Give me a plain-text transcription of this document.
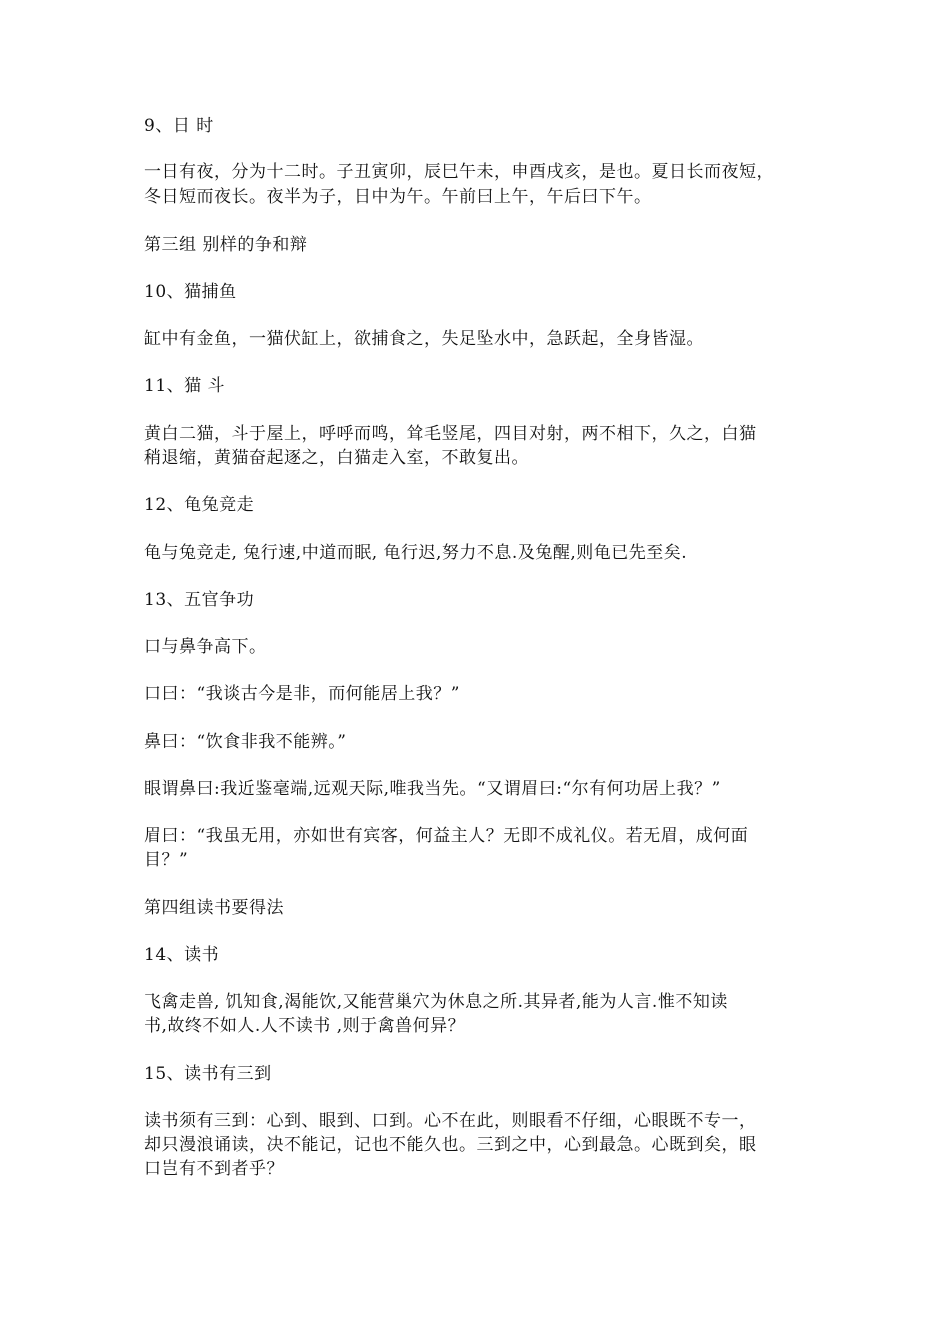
9、日 时

一日有夜，分为十二时。子丑寅卯，辰巳午未，申酉戌亥，是也。夏日长而夜短，

冬日短而夜长。夜半为子，日中为午。午前曰上午，午后曰下午。

第三组 别样的争和辩

10、猫捕鱼

缸中有金鱼，一猫伏缸上，欲捕食之，失足坠水中，急跃起，全身皆湿。

11、猫 斗

黄白二猫，斗于屋上，呼呼而鸣，耸毛竖尾，四目对射，两不相下，久之，白猫

稍退缩，黄猫奋起逐之，白猫走入室，不敢复出。

12、龟兔竞走

龟与兔竞走, 兔行速,中道而眠, 龟行迟,努力不息.及兔醒,则龟已先至矣.

13、五官争功

口与鼻争高下。

口曰：“我谈古今是非，而何能居上我？”

鼻曰：“饮食非我不能辨。”

眼谓鼻曰:我近鉴毫端,远观天际,唯我当先。“又谓眉曰:“尔有何功居上我？”

眉曰：“我虽无用，亦如世有宾客，何益主人？无即不成礼仪。若无眉，成何面

目？”

第四组读书要得法

14、读书

飞禽走兽, 饥知食,渴能饮,又能营巢穴为休息之所.其异者,能为人言.惟不知读

书,故终不如人.人不读书 ,则于禽兽何异？

15、读书有三到

读书须有三到：心到、眼到、口到。心不在此，则眼看不仔细，心眼既不专一，

却只漫浪诵读，决不能记，记也不能久也。三到之中，心到最急。心既到矣，眼

口岂有不到者乎？
